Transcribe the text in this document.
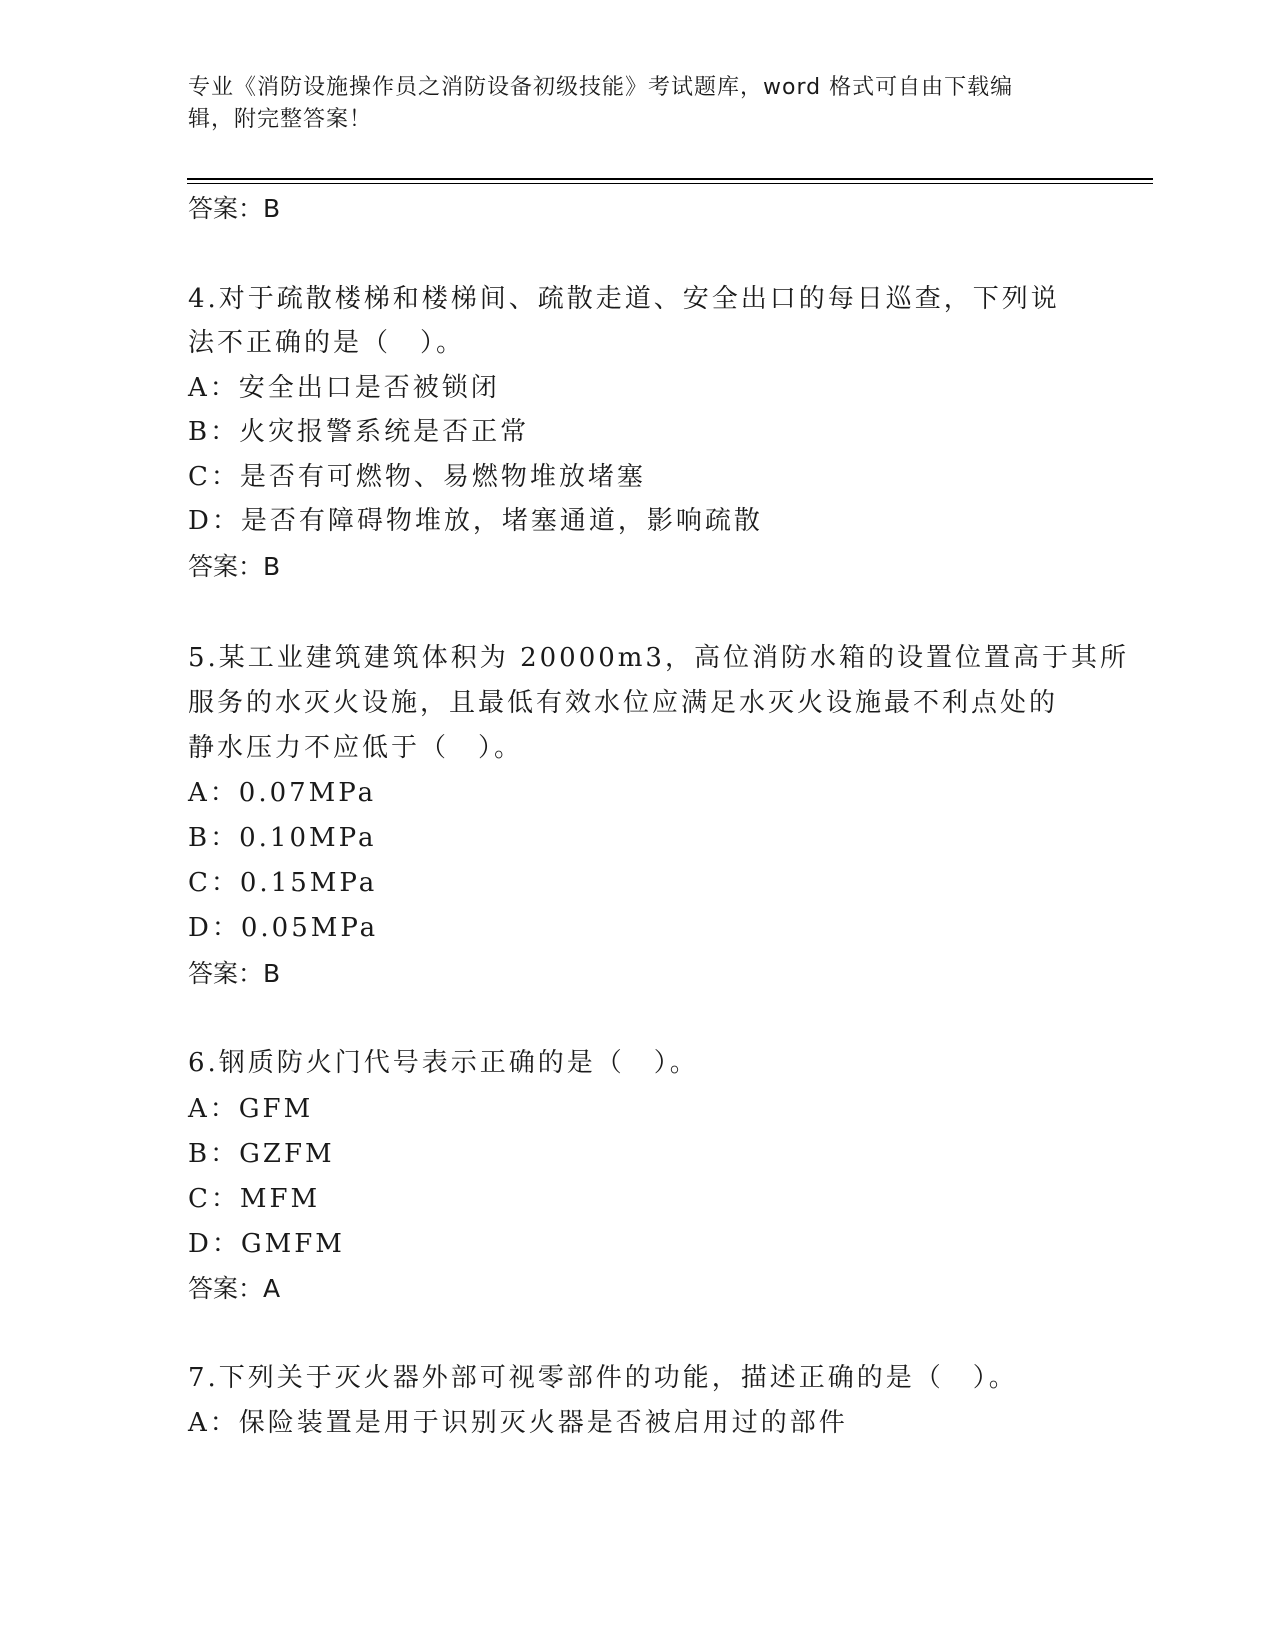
专业《消防设施操作员之消防设备初级技能》考试题库，word 格式可自由下载编
辑，附完整答案！
答案：B
4.对于疏散楼梯和楼梯间、疏散走道、安全出口的每日巡查，下列说
法不正确的是（　）。
A：安全出口是否被锁闭
B：火灾报警系统是否正常
C：是否有可燃物、易燃物堆放堵塞
D：是否有障碍物堆放，堵塞通道，影响疏散
答案：B
5.某工业建筑建筑体积为 20000m3，高位消防水箱的设置位置高于其所
服务的水灭火设施，且最低有效水位应满足水灭火设施最不利点处的
静水压力不应低于（　）。
A：0.07MPa
B：0.10MPa
C：0.15MPa
D：0.05MPa
答案：B
6.钢质防火门代号表示正确的是（　）。
A：GFM
B：GZFM
C：MFM
D：GMFM
答案：A
7.下列关于灭火器外部可视零部件的功能，描述正确的是（　）。
A：保险装置是用于识别灭火器是否被启用过的部件
